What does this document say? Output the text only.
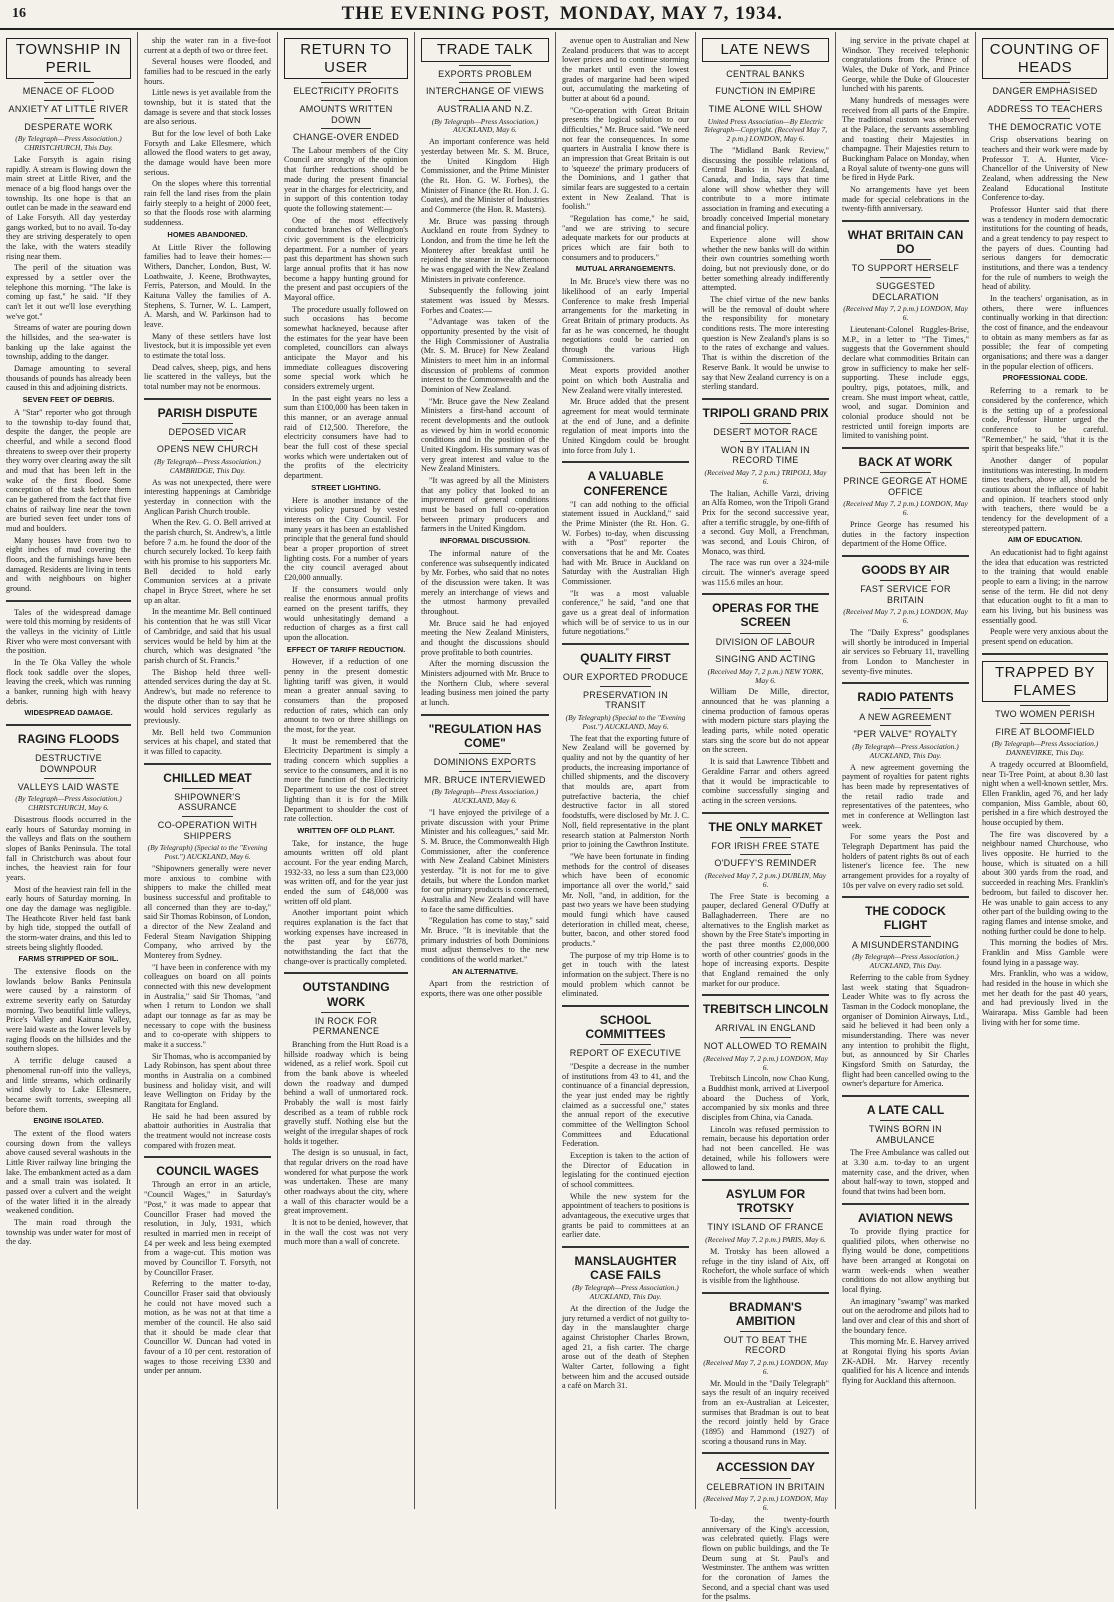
16	THE EVENING POST, MONDAY, MAY 7, 1934.

TOWNSHIP IN PERIL
MENACE OF FLOOD
ANXIETY AT LITTLE RIVER
DESPERATE WORK
(By Telegraph—Press Association.) CHRISTCHURCH, This Day.

Lake Forsyth is again rising rapidly. A stream is flowing down the main street at Little River, and the menace of a big flood hangs over the township. Its one hope is that an outlet can be made in the seaward end of Lake Forsyth. All day yesterday gangs worked, but to no avail. To-day they are striving desperately to open the lake, with the waters steadily rising near them.

The peril of the situation was expressed by a settler over the telephone this morning. "The lake is coming up fast," he said. "If they can't let it out we'll lose everything we've got."

Streams of water are pouring down the hillsides, and the sea-water is banking up the lake against the township, adding to the danger.

Damage amounting to several thousands of pounds has already been caused in this and adjoining districts.

SEVEN FEET OF DEBRIS.

A "Star" reporter who got through to the township to-day found that, despite the danger, the people are cheerful, and while a second flood threatens to sweep over their property they worry over clearing away the silt and mud that has been left in the wake of the first flood. Some conception of the task before them can be gathered from the fact that five chains of railway line near the town are buried seven feet under tons of mud and boulders.

Many houses have from two to eight inches of mud covering the floors, and the furnishings have been damaged. Residents are living in tents and with neighbours on higher ground.

Tales of the widespread damage were told this morning by residents of the valleys in the vicinity of Little River who were most conversant with the position.

In the Te Oka Valley the whole flock took saddle over the slopes, leaving the creek, which was running a banker, running high with heavy debris.

WIDESPREAD DAMAGE.
RAGING FLOODS
DESTRUCTIVE DOWNPOUR
VALLEYS LAID WASTE
(By Telegraph—Press Association.) CHRISTCHURCH, May 6.

Disastrous floods occurred in the early hours of Saturday morning in the valleys and flats on the southern slopes of Banks Peninsula. The total fall in Christchurch was about four inches, the heaviest rain for four years.

Most of the heaviest rain fell in the early hours of Saturday morning. In one day the damage was negligible. The Heathcote River held fast bank by high tide, stopped the outfall of the storm-water drains, and this led to streets being slightly flooded.

FARMS STRIPPED OF SOIL.

The extensive floods on the lowlands below Banks Peninsula were caused by a rainstorm of extreme severity early on Saturday morning. Two beautiful little valleys, Price's Valley and Kaituna Valley, were laid waste as the lower levels by raging floods on the hillsides and the southern slopes.

A terrific deluge caused a phenomenal run-off into the valleys, and little streams, which ordinarily wind slowly to Lake Ellesmere, became swift torrents, sweeping all before them.

ENGINE ISOLATED.

The extent of the flood waters coursing down from the valleys above caused several washouts in the Little River railway line bringing the lake. The embankment acted as a dam and a small train was isolated. It passed over a culvert and the weight of the water lifted it in the already weakened condition.

The main road through the township was under water for most of the day.

ship the water ran in a five-foot current at a depth of two or three feet.

Several houses were flooded, and families had to be rescued in the early hours.

Little news is yet available from the township, but it is stated that the damage is severe and that stock losses are also serious.

But for the low level of both Lake Forsyth and Lake Ellesmere, which allowed the flood waters to get away, the damage would have been more serious.

On the slopes where this torrential rain fell the land rises from the plain fairly steeply to a height of 2000 feet, so that the floods rose with alarming suddenness.

HOMES ABANDONED.

At Little River the following families had to leave their homes:—Withers, Dancher, London, Bust, W. Loathwaite, J. Keene, Brothwaytes, Ferris, Paterson, and Mould. In the Kaituna Valley the families of A. Stephens, S. Turner, W. L. Lampert, A. Marsh, and W. Parkinson had to leave.

Many of these settlers have lost livestock, but it is impossible yet even to estimate the total loss.

Dead calves, sheep, pigs, and hens lie scattered in the valleys, but the total number may not be enormous.

PARISH DISPUTE
DEPOSED VICAR
OPENS NEW CHURCH
(By Telegraph—Press Association.) CAMBRIDGE, This Day.

As was not unexpected, there were interesting happenings at Cambridge yesterday in connection with the Anglican Parish Church trouble.

When the Rev. G. O. Bell arrived at the parish church, St. Andrew's, a little before 7 a.m. he found the door of the church securely locked. To keep faith with his promise to his supporters Mr. Bell decided to hold early Communion services at a private chapel in Bryce Street, where he set up an altar.

In the meantime Mr. Bell continued his contention that he was still Vicar of Cambridge, and said that his usual services would be held by him at the church, which was designated "the parish church of St. Francis."

The Bishop held three well-attended services during the day at St. Andrew's, but made no reference to the dispute other than to say that he would hold services regularly as previously.

Mr. Bell held two Communion services at his chapel, and stated that it was filled to capacity.

CHILLED MEAT
SHIPOWNER'S ASSURANCE
CO-OPERATION WITH SHIPPERS
(By Telegraph) (Special to the "Evening Post.") AUCKLAND, May 6.

"Shipowners generally were never more anxious to combine with shippers to make the chilled meat business successful and profitable to all concerned than they are to-day," said Sir Thomas Robinson, of London, a director of the New Zealand and Federal Steam Navigation Shipping Company, who arrived by the Monterey from Sydney.

"I have been in conference with my colleagues on board on all points connected with this new development in Australia," said Sir Thomas, "and when I return to London we shall adapt our tonnage as far as may be necessary to cope with the business and to co-operate with shippers to make it a success."

Sir Thomas, who is accompanied by Lady Robinson, has spent about three months in Australia on a combined business and holiday visit, and will leave Wellington on Friday by the Rangitata for England.

He said he had been assured by abattoir authorities in Australia that the treatment would not increase costs compared with frozen meat.

COUNCIL WAGES

Through an error in an article, "Council Wages," in Saturday's "Post," it was made to appear that Councillor Fraser had moved the resolution, in July, 1931, which resulted in married men in receipt of £4 per week and less being exempted from a wage-cut. This motion was moved by Councillor T. Forsyth, not by Councillor Fraser.

Referring to the matter to-day, Councillor Fraser said that obviously he could not have moved such a motion, as he was not at that time a member of the council. He also said that it should be made clear that Councillor W. Duncan had voted in favour of a 10 per cent. restoration of wages to those receiving £330 and under per annum.

RETURN TO USER
ELECTRICITY PROFITS
AMOUNTS WRITTEN DOWN
CHANGE-OVER ENDED

The Labour members of the City Council are strongly of the opinion that further reductions should be made during the present financial year in the charges for electricity, and in support of this contention today quote the following statement:—

One of the most effectively conducted branches of Wellington's civic government is the electricity department. For a number of years past this department has shown such large annual profits that it has now become a happy hunting ground for the present and past occupiers of the Mayoral office.

The procedure usually followed on such occasions has become somewhat hackneyed, because after the estimates for the year have been completed, councillors can always anticipate the Mayor and his immediate colleagues discovering some special work which he considers extremely urgent.

In the past eight years no less a sum than £100,000 has been taken in this manner, or an average annual raid of £12,500. Therefore, the electricity consumers have had to bear the full cost of these special works which were undertaken out of the profits of the electricity department.

STREET LIGHTING.

Here is another instance of the vicious policy pursued by vested interests on the City Council. For many years it has been an established principle that the general fund should bear a proper proportion of street lighting costs. For a number of years the city council averaged about £20,000 annually.

If the consumers would only realise the enormous annual profits earned on the present tariffs, they would unhesitatingly demand a reduction of charges as a first call upon the allocation.

EFFECT OF TARIFF REDUCTION.

However, if a reduction of one penny in the present domestic lighting tariff was given, it would mean a greater annual saving to consumers than the proposed reduction of rates, which can only amount to two or three shillings on the most, for the year.

It must be remembered that the Electricity Department is simply a trading concern which supplies a service to the consumers, and it is no more the function of the Electricity Department to use the cost of street lighting than it is for the Milk Department to shoulder the cost of rate collection.

WRITTEN OFF OLD PLANT.

Take, for instance, the huge amounts written off old plant account. For the year ending March, 1932-33, no less a sum than £23,000 was written off, and for the year just ended the sum of £48,000 was written off old plant.

Another important point which requires explanation is the fact that working expenses have increased in the past year by £6778, notwithstanding the fact that the change-over is practically completed.

OUTSTANDING WORK
IN ROCK FOR PERMANENCE

Branching from the Hutt Road is a hillside roadway which is being widened, as a relief work. Spoil cut from the bank above is wheeled down the roadway and dumped behind a wall of unmortared rock. Probably the wall is most fairly described as a team of rubble rock gravelly stuff. Nothing else but the weight of the irregular shapes of rock holds it together.

The design is so unusual, in fact, that regular drivers on the road have wondered for what purpose the work was undertaken. These are many other roadways about the city, where a wall of this character would be a great improvement.

It is not to be denied, however, that in the wall the cost was not very much more than a wall of concrete.

TRADE TALK
EXPORTS PROBLEM
INTERCHANGE OF VIEWS
AUSTRALIA AND N.Z.
(By Telegraph—Press Association.) AUCKLAND, May 6.

An important conference was held yesterday between Mr. S. M. Bruce, the United Kingdom High Commissioner, and the Prime Minister (the Rt. Hon. G. W. Forbes), the Minister of Finance (the Rt. Hon. J. G. Coates), and the Minister of Industries and Commerce (the Hon. R. Masters).

Mr. Bruce was passing through Auckland en route from Sydney to London, and from the time he left the Monterey after breakfast until he rejoined the steamer in the afternoon he was engaged with the New Zealand Ministers in private conference.

Subsequently the following joint statement was issued by Messrs. Forbes and Coates:—

"Advantage was taken of the opportunity presented by the visit of the High Commissioner of Australia (Mr. S. M. Bruce) for New Zealand Ministers to meet him in an informal discussion of problems of common interest to the Commonwealth and the Dominion of New Zealand.

"Mr. Bruce gave the New Zealand Ministers a first-hand account of recent developments and the outlook as viewed by him in world economic conditions and in the position of the United Kingdom. His summary was of very great interest and value to the New Zealand Ministers.

"It was agreed by all the Ministers that any policy that looked to an improvement of general conditions must be based on full co-operation between primary producers and farmers in the United Kingdom.

INFORMAL DISCUSSION.

The informal nature of the conference was subsequently indicated by Mr. Forbes, who said that no notes of the discussion were taken. It was merely an interchange of views and the utmost harmony prevailed throughout.

Mr. Bruce said he had enjoyed meeting the New Zealand Ministers, and thought the discussions should prove profitable to both countries.

After the morning discussion the Ministers adjourned with Mr. Bruce to the Northern Club, where several leading business men joined the party at lunch.

"REGULATION HAS COME"
DOMINIONS EXPORTS
MR. BRUCE INTERVIEWED
(By Telegraph—Press Association.) AUCKLAND, May 6.

"I have enjoyed the privilege of a private discussion with your Prime Minister and his colleagues," said Mr. S. M. Bruce, the Commonwealth High Commissioner, after the conference with New Zealand Cabinet Ministers yesterday. "It is not for me to give details, but where the London market for our primary products is concerned, Australia and New Zealand will have to face the same difficulties.

"Regulation has come to stay," said Mr. Bruce. "It is inevitable that the primary industries of both Dominions must adjust themselves to the new conditions of the world market."

AN ALTERNATIVE.

Apart from the restriction of exports, there was one other possible

avenue open to Australian and New Zealand producers that was to accept lower prices and to continue storming the market until even the lowest grades of margarine had been wiped out, accumulating the marketing of butter at about 6d a pound.

"Co-operation with Great Britain presents the logical solution to our difficulties," Mr. Bruce said. "We need not fear the consequences. In some quarters in Australia I know there is an impression that Great Britain is out to 'squeeze' the primary producers of the Dominions, and I gather that similar fears are suggested to a certain extent in New Zealand. That is foolish."

"Regulation has come," he said, "and we are striving to secure adequate markets for our products at prices which are fair both to consumers and to producers."

MUTUAL ARRANGEMENTS.

In Mr. Bruce's view there was no likelihood of an early Imperial Conference to make fresh Imperial arrangements for the marketing in Great Britain of primary products. As far as he was concerned, he thought negotiations could be carried on through the various High Commissioners.

Meat exports provided another point on which both Australia and New Zealand were vitally interested.

Mr. Bruce added that the present agreement for meat would terminate at the end of June, and a definite regulation of meat imports into the United Kingdom could be brought into force from July 1.

A VALUABLE CONFERENCE

"I can add nothing to the official statement issued in Auckland," said the Prime Minister (the Rt. Hon. G. W. Forbes) to-day, when discussing with a "Post" reporter the conversations that he and Mr. Coates had with Mr. Bruce in Auckland on Saturday with the Australian High Commissioner.

"It was a most valuable conference," he said, "and one that gave us a great deal of information which will be of service to us in our future negotiations."

QUALITY FIRST
OUR EXPORTED PRODUCE
PRESERVATION IN TRANSIT
(By Telegraph) (Special to the "Evening Post.") AUCKLAND, May 6.

The feat that the exporting future of New Zealand will be governed by quality and not by the quantity of her products, the increasing importance of chilled shipments, and the discovery that moulds are, apart from putrefactive bacteria, the chief destructive factor in all stored foodstuffs, were disclosed by Mr. J. C. Noll, field representative in the plant research station at Palmerston North prior to joining the Cawthron Institute.

"We have been fortunate in finding methods for the control of diseases which have been of economic importance all over the world," said Mr. Noll, "and, in addition, for the past two years we have been studying mould fungi which have caused deterioration in chilled meat, cheese, butter, bacon, and other stored food products."

The purpose of my trip Home is to get in touch with the latest information on the subject. There is no mould problem which cannot be eliminated.

SCHOOL COMMITTEES
REPORT OF EXECUTIVE

"Despite a decrease in the number of institutions from 43 to 41, and the continuance of a financial depression, the year just ended may be rightly claimed as a successful one," states the annual report of the executive committee of the Wellington School Committees and Educational Federation.

Exception is taken to the action of the Director of Education in legislating for the continued ejection of school committees.

While the new system for the appointment of teachers to positions is advantageous, the executive urges that grants be paid to committees at an earlier date.

MANSLAUGHTER CASE FAILS
(By Telegraph—Press Association.) AUCKLAND, This Day.

At the direction of the Judge the jury returned a verdict of not guilty to-day in the manslaughter charge against Christopher Charles Brown, aged 21, a fish carter. The charge arose out of the death of Stephen Walter Carter, following a fight between him and the accused outside a café on March 31.

LATE NEWS
CENTRAL BANKS
FUNCTION IN EMPIRE
TIME ALONE WILL SHOW
United Press Association—By Electric Telegraph—Copyright. (Received May 7, 2 p.m.) LONDON, May 6.

The "Midland Bank Review," discussing the possible relations of Central Banks in New Zealand, Canada, and India, says that time alone will show whether they will contribute to a more intimate association in framing and executing a broadly conceived Imperial monetary and financial policy.

Experience alone will show whether the new banks will do within their own countries something worth doing, but not previously done, or do better something already indifferently attempted.

The chief virtue of the new banks will be the removal of doubt where the responsibility for monetary conditions rests. The more interesting question is New Zealand's plans is so to the rates of exchange and values. That is within the discretion of the Reserve Bank. It would be unwise to say that New Zealand currency is on a sterling standard.

TRIPOLI GRAND PRIX
DESERT MOTOR RACE
WON BY ITALIAN IN RECORD TIME
(Received May 7, 2 p.m.) TRIPOLI, May 6.

The Italian, Achille Varzi, driving an Alfa Romeo, won the Tripoli Grand Prix for the second successive year, after a terrific struggle, by one-fifth of a second. Guy Moll, a Frenchman, was second, and Louis Chiron, of Monaco, was third.

The race was run over a 324-mile circuit. The winner's average speed was 115.6 miles an hour.

OPERAS FOR THE SCREEN
DIVISION OF LABOUR
SINGING AND ACTING
(Received May 7, 2 p.m.) NEW YORK, May 6.

William De Mille, director, announced that he was planning a cinema production of famous operas with modern picture stars playing the leading parts, while noted operatic stars sing the score but do not appear on the screen.

It is said that Lawrence Tibbett and Geraldine Farrar and others agreed that it would be impracticable to combine successfully singing and acting in the screen versions.

THE ONLY MARKET
FOR IRISH FREE STATE
O'DUFFY'S REMINDER
(Received May 7, 2 p.m.) DUBLIN, May 6.

The Free State is becoming a pauper, declared General O'Duffy at Ballaghaderreen. There are no alternatives to the English market as shown by the Free State's importing in the past three months £2,000,000 worth of other countries' goods in the hope of increasing exports. Despite that England remained the only market for our produce.

TREBITSCH LINCOLN
ARRIVAL IN ENGLAND
NOT ALLOWED TO REMAIN
(Received May 7, 2 p.m.) LONDON, May 6.

Trebitsch Lincoln, now Chao Kung, a Buddhist monk, arrived at Liverpool aboard the Duchess of York, accompanied by six monks and three disciples from China, via Canada.

Lincoln was refused permission to remain, because his deportation order had not been cancelled. He was detained, while his followers were allowed to land.

ASYLUM FOR TROTSKY
TINY ISLAND OF FRANCE
(Received May 7, 2 p.m.) PARIS, May 6.

M. Trotsky has been allowed a refuge in the tiny island of Aix, off Rochefort, the whole surface of which is visible from the lighthouse.

BRADMAN'S AMBITION
OUT TO BEAT THE RECORD
(Received May 7, 2 p.m.) LONDON, May 6.

Mr. Mould in the "Daily Telegraph" says the result of an inquiry received from an ex-Australian at Leicester, surmises that Bradman is out to beat the record jointly held by Grace (1895) and Hammond (1927) of scoring a thousand runs in May.

ACCESSION DAY
CELEBRATION IN BRITAIN
(Received May 7, 2 p.m.) LONDON, May 6.

To-day, the twenty-fourth anniversary of the King's accession, was celebrated quietly. Flags were flown on public buildings, and the Te Deum sung at St. Paul's and Westminster. The anthem was written for the coronation of James the Second, and a special chant was used for the psalms.

ing service in the private chapel at Windsor. They received telephonic congratulations from the Prince of Wales, the Duke of York, and Prince George, while the Duke of Gloucester lunched with his parents.

Many hundreds of messages were received from all parts of the Empire. The traditional custom was observed at the Palace, the servants assembling and toasting their Majesties in champagne. Their Majesties return to Buckingham Palace on Monday, when a Royal salute of twenty-one guns will be fired in Hyde Park.

No arrangements have yet been made for special celebrations in the twenty-fifth anniversary.

WHAT BRITAIN CAN DO
TO SUPPORT HERSELF
SUGGESTED DECLARATION
(Received May 7, 2 p.m.) LONDON, May 6.

Lieutenant-Colonel Ruggles-Brise, M.P., in a letter to "The Times," suggests that the Government should declare what commodities Britain can grow in sufficiency to make her self-supporting. These include eggs, poultry, pigs, potatoes, milk, and cream. She must import wheat, cattle, wool, and sugar. Dominion and colonial produce should not be restricted until foreign imports are limited to vanishing point.

BACK AT WORK
PRINCE GEORGE AT HOME OFFICE
(Received May 7, 2 p.m.) LONDON, May 6.

Prince George has resumed his duties in the factory inspection department of the Home Office.

GOODS BY AIR
FAST SERVICE FOR BRITAIN
(Received May 7, 2 p.m.) LONDON, May 6.

The "Daily Express" goodsplanes will shortly be introduced in Imperial air services so February 11, travelling from London to Manchester in seventy-five minutes.

RADIO PATENTS
A NEW AGREEMENT
"PER VALVE" ROYALTY
(By Telegraph—Press Association.) AUCKLAND, This Day.

A new agreement governing the payment of royalties for patent rights has been made by representatives of the retail radio trade and representatives of the patentees, who met in conference at Wellington last week.

For some years the Post and Telegraph Department has paid the holders of patent rights 8s out of each listener's licence fee. The new arrangement provides for a royalty of 10s per valve on every radio set sold.

THE CODOCK FLIGHT
A MISUNDERSTANDING
(By Telegraph—Press Association.) AUCKLAND, This Day.

Referring to the cable from Sydney last week stating that Squadron-Leader White was to fly across the Tasman in the Codock monoplane, the organiser of Dominion Airways, Ltd., said he believed it had been only a misunderstanding. There was never any intention to prohibit the flight, but, as announced by Sir Charles Kingsford Smith on Saturday, the flight had been cancelled owing to the owner's departure for America.

A LATE CALL
TWINS BORN IN AMBULANCE

The Free Ambulance was called out at 3.30 a.m. to-day to an urgent maternity case, and the driver, when about half-way to town, stopped and found that twins had been born.

AVIATION NEWS

To provide flying practice for qualified pilots, when otherwise no flying would be done, competitions have been arranged at Rongotai on warm week-ends when weather conditions do not allow anything but local flying.

An imaginary "swamp" was marked out on the aerodrome and pilots had to land over and clear of this and short of the boundary fence.

This morning Mr. E. Harvey arrived at Rongotai flying his sports Avian ZK-ADH. Mr. Harvey recently qualified for his A licence and intends flying for Auckland this afternoon.

COUNTING OF HEADS
DANGER EMPHASISED
ADDRESS TO TEACHERS
THE DEMOCRATIC VOTE

Crisp observations bearing on teachers and their work were made by Professor T. A. Hunter, Vice-Chancellor of the University of New Zealand, when addressing the New Zealand Educational Institute Conference to-day.

Professor Hunter said that there was a tendency in modern democratic institutions for the counting of heads, and a great tendency to pay respect to the payers of dues. Counting had serious dangers for democratic institutions, and there was a tendency for the rule of numbers to weigh the head of ability.

In the teachers' organisation, as in others, there were influences continually working in that direction: the cost of finance, and the endeavour to obtain as many members as far as possible; the fear of competing organisations; and there was a danger in the popular election of officers.

PROFESSIONAL CODE.

Referring to a remark to be considered by the conference, which is the setting up of a professional code, Professor Hunter urged the conference to be careful. "Remember," he said, "that it is the spirit that bespeaks life."

Another danger of popular institutions was interesting. In modern times teachers, above all, should be cautious about the influence of habit and opinion. If teachers stood only with teachers, there would be a tendency for the development of a stereotyped pattern.

AIM OF EDUCATION.

An educationist had to fight against the idea that education was restricted to the training that would enable people to earn a living; in the narrow sense of the term. He did not deny that education ought to fit a man to earn his living, but his business was essentially good.

People were very anxious about the present spend on education.

TRAPPED BY FLAMES
TWO WOMEN PERISH
FIRE AT BLOOMFIELD
(By Telegraph—Press Association.) DANNEVIRKE, This Day.

A tragedy occurred at Bloomfield, near Ti-Tree Point, at about 8.30 last night when a well-known settler, Mrs. Ellen Franklin, aged 76, and her lady companion, Miss Gamble, about 60, perished in a fire which destroyed the house occupied by them.

The fire was discovered by a neighbour named Churchouse, who lives opposite. He hurried to the house, which is situated on a hill about 300 yards from the road, and succeeded in reaching Mrs. Franklin's bedroom, but failed to discover her. He was unable to gain access to any other part of the building owing to the raging flames and intense smoke, and nothing further could be done to help.

This morning the bodies of Mrs. Franklin and Miss Gamble were found lying in a passage way.

Mrs. Franklin, who was a widow, had resided in the house in which she met her death for the past 40 years, and had previously lived in the Wairarapa. Miss Gamble had been living with her for some time.
